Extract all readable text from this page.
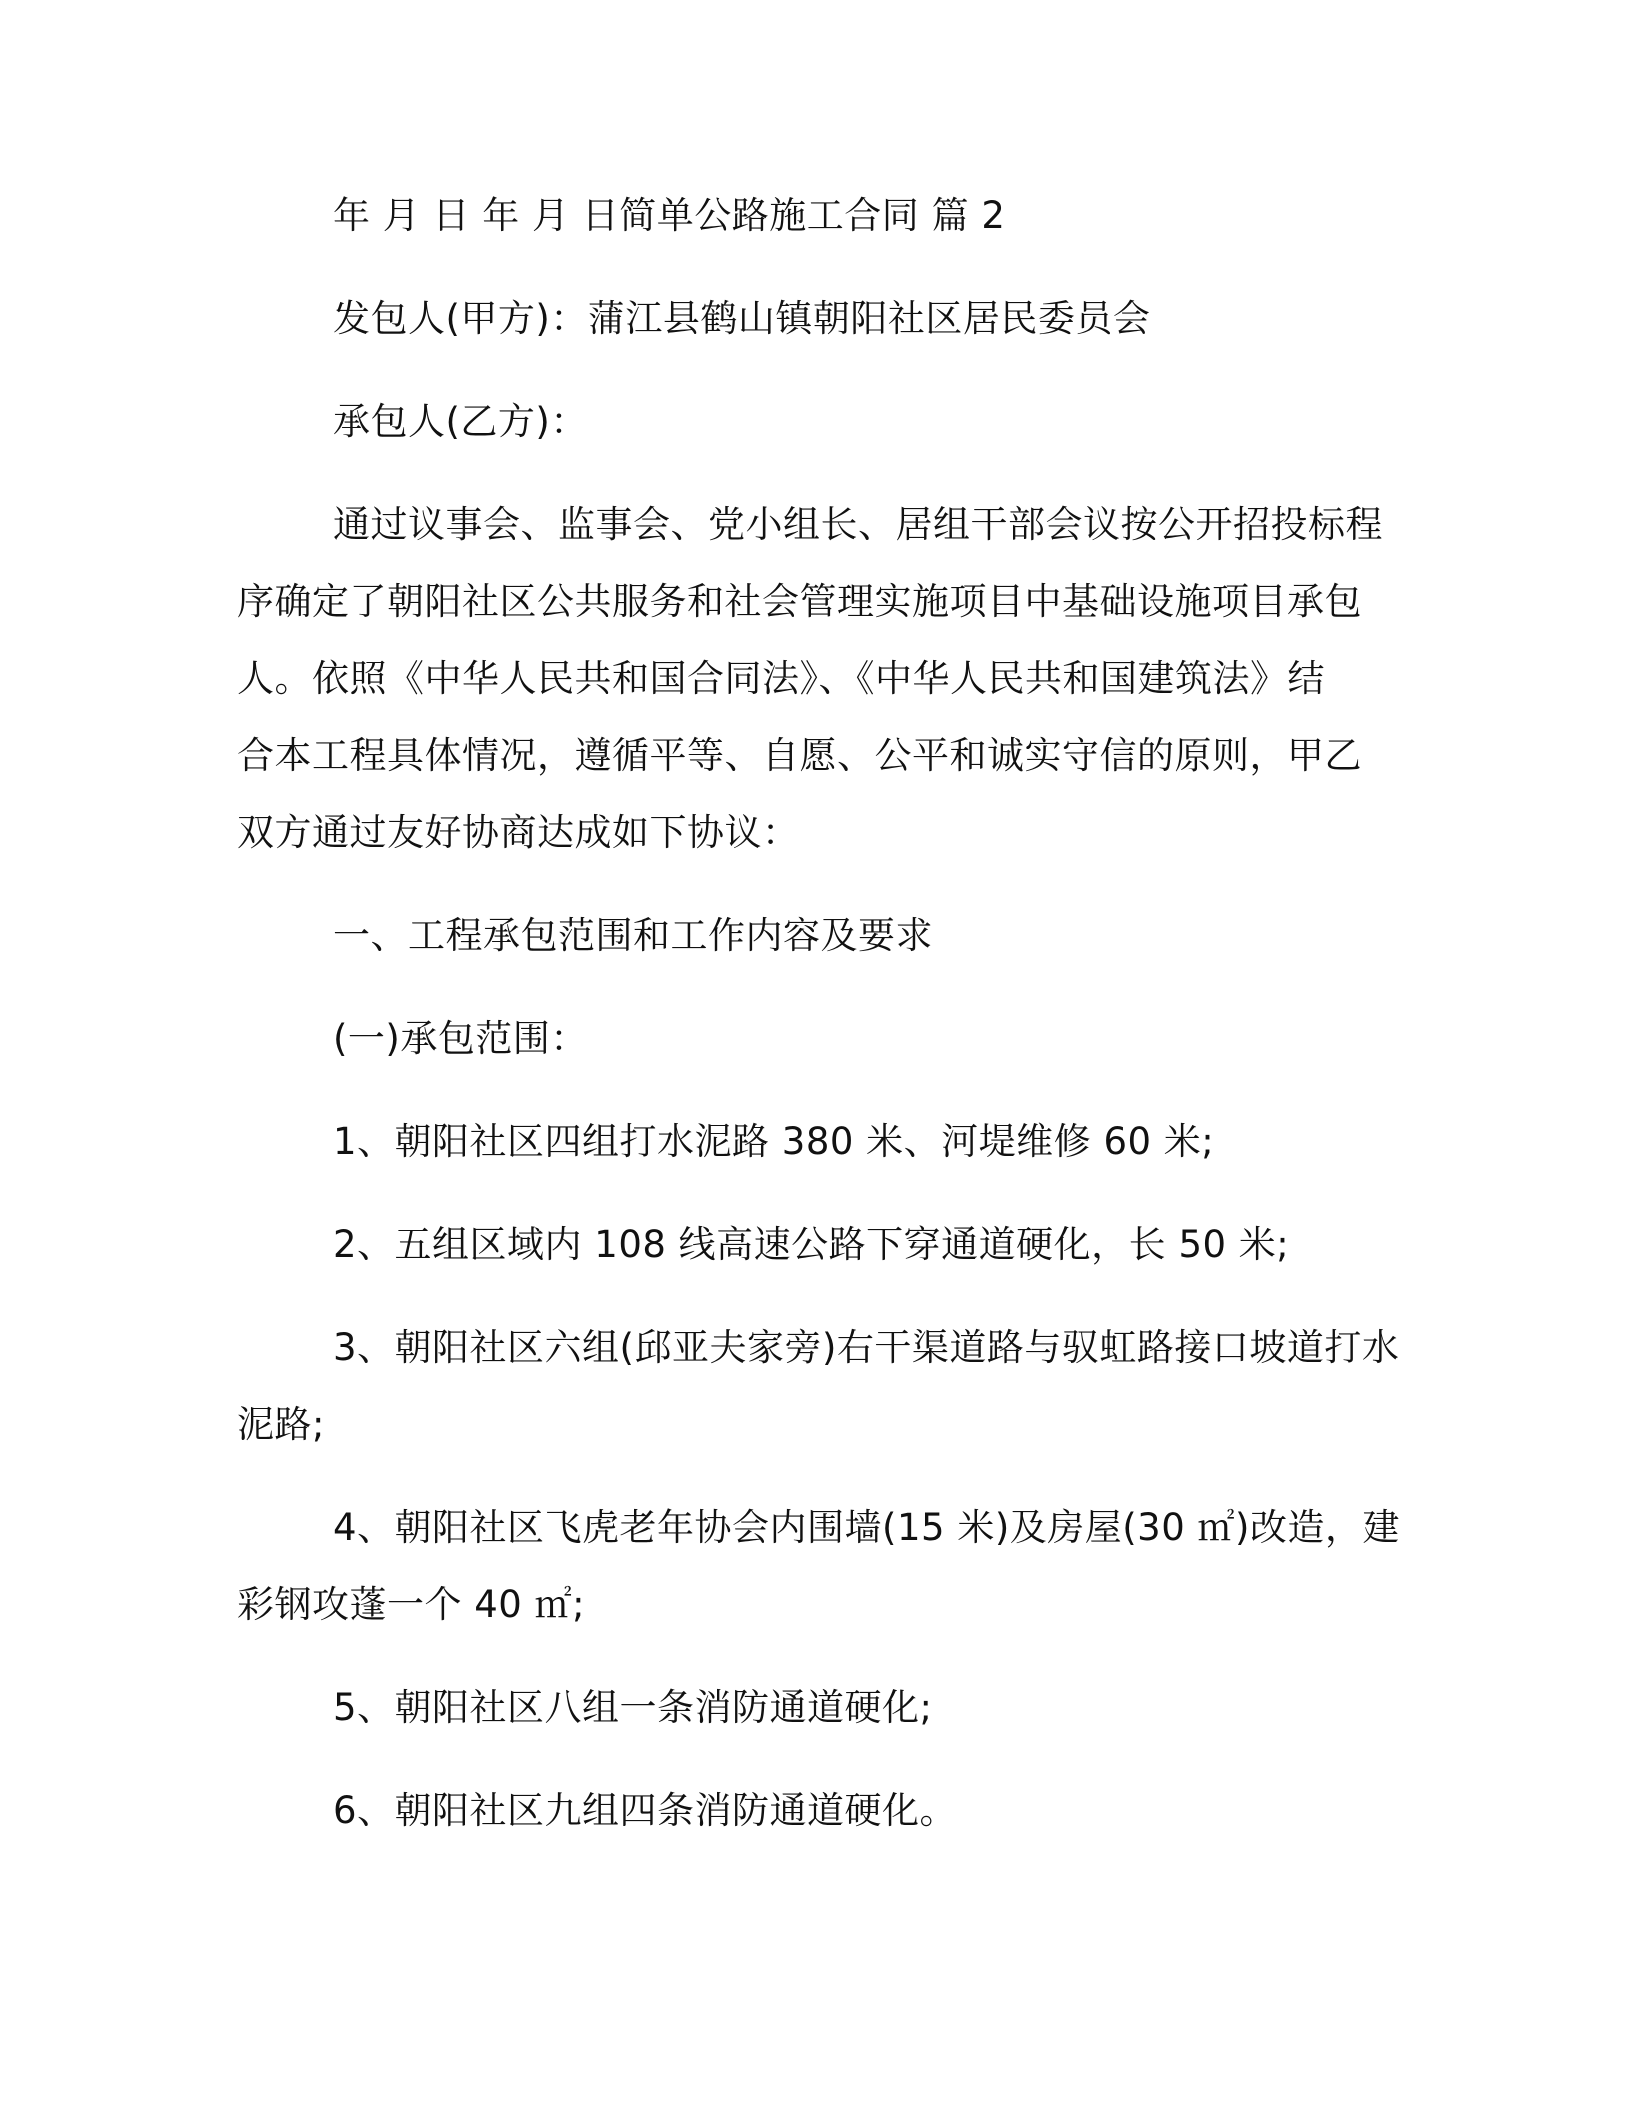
年 月 日 年 月 日简单公路施工合同 篇 2
发包人(甲方)：蒲江县鹤山镇朝阳社区居民委员会
承包人(乙方)：
通过议事会、监事会、党小组长、居组干部会议按公开招投标程
序确定了朝阳社区公共服务和社会管理实施项目中基础设施项目承包
人。依照《中华人民共和国合同法》、《中华人民共和国建筑法》结
合本工程具体情况，遵循平等、自愿、公平和诚实守信的原则，甲乙
双方通过友好协商达成如下协议：
一、工程承包范围和工作内容及要求
(一)承包范围：
1、朝阳社区四组打水泥路 380 米、河堤维修 60 米;
2、五组区域内 108 线高速公路下穿通道硬化，长 50 米;
3、朝阳社区六组(邱亚夫家旁)右干渠道路与驭虹路接口坡道打水
泥路;
4、朝阳社区飞虎老年协会内围墙(15 米)及房屋(30 ㎡)改造，建
彩钢攻蓬一个 40 ㎡;
5、朝阳社区八组一条消防通道硬化;
6、朝阳社区九组四条消防通道硬化。
